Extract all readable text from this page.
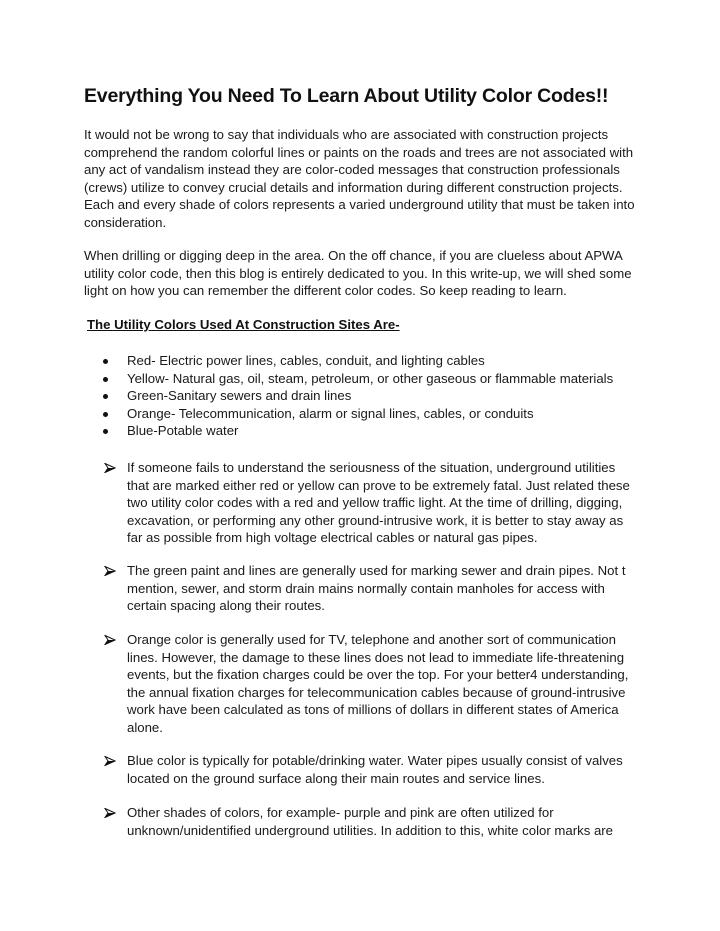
Everything You Need To Learn About Utility Color Codes!!

It would not be wrong to say that individuals who are associated with construction projects
comprehend the random colorful lines or paints on the roads and trees are not associated with
any act of vandalism instead they are color-coded messages that construction professionals
(crews) utilize to convey crucial details and information during different construction projects.
Each and every shade of colors represents a varied underground utility that must be taken into
consideration.

When drilling or digging deep in the area. On the off chance, if you are clueless about APWA
utility color code, then this blog is entirely dedicated to you. In this write-up, we will shed some
light on how you can remember the different color codes. So keep reading to learn.

The Utility Colors Used At Construction Sites Are-
Red- Electric power lines, cables, conduit, and lighting cables
Yellow- Natural gas, oil, steam, petroleum, or other gaseous or flammable materials
Green-Sanitary sewers and drain lines
Orange- Telecommunication, alarm or signal lines, cables, or conduits
Blue-Potable water
If someone fails to understand the seriousness of the situation, underground utilities
that are marked either red or yellow can prove to be extremely fatal. Just related these
two utility color codes with a red and yellow traffic light. At the time of drilling, digging,
excavation, or performing any other ground-intrusive work, it is better to stay away as
far as possible from high voltage electrical cables or natural gas pipes.
The green paint and lines are generally used for marking sewer and drain pipes. Not t
mention, sewer, and storm drain mains normally contain manholes for access with
certain spacing along their routes.
Orange color is generally used for TV, telephone and another sort of communication
lines. However, the damage to these lines does not lead to immediate life-threatening
events, but the fixation charges could be over the top. For your better4 understanding,
the annual fixation charges for telecommunication cables because of ground-intrusive
work have been calculated as tons of millions of dollars in different states of America
alone.
Blue color is typically for potable/drinking water. Water pipes usually consist of valves
located on the ground surface along their main routes and service lines.
Other shades of colors, for example- purple and pink are often utilized for
unknown/unidentified underground utilities. In addition to this, white color marks are
